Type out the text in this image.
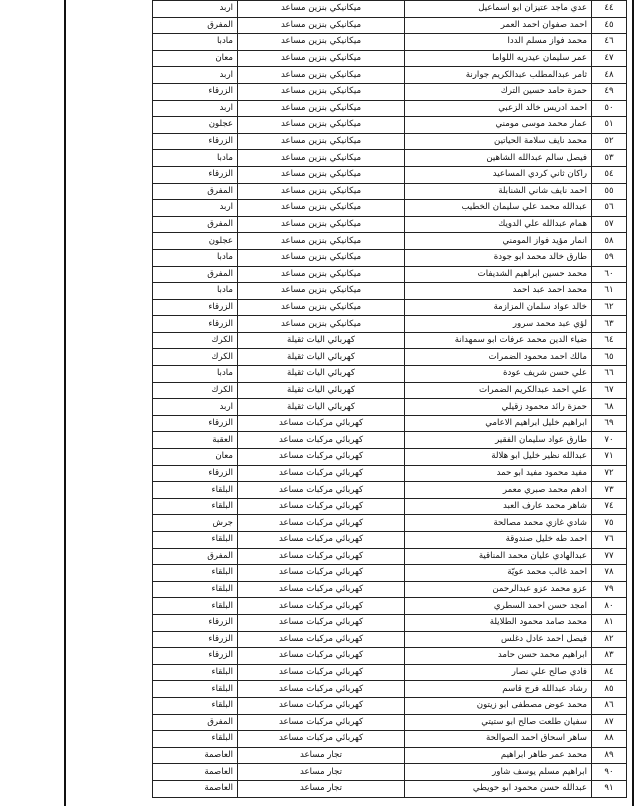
٤٤	عدي ماجد عتيزان ابو اسماعيل	ميكانيكي بنزين مساعد	اربد
٤٥	احمد صفوان احمد العمر	ميكانيكي بنزين مساعد	المفرق
٤٦	محمد فواز مسلم الددا	ميكانيكي بنزين مساعد	مادبا
٤٧	عمر سليمان عيدريه اللواما	ميكانيكي بنزين مساعد	معان
٤٨	ثامر عبدالمطلب عبدالكريم جوارنة	ميكانيكي بنزين مساعد	اربد
٤٩	حمزة حامد حسين الترك	ميكانيكي بنزين مساعد	الزرقاء
٥٠	احمد ادريس خالد الزعبي	ميكانيكي بنزين مساعد	اربد
٥١	عمار محمد موسى مومني	ميكانيكي بنزين مساعد	عجلون
٥٢	محمد نايف سلامة الحياتين	ميكانيكي بنزين مساعد	الزرقاء
٥٣	فيصل سالم عبدالله الشاهين	ميكانيكي بنزين مساعد	مادبا
٥٤	راكان ثاني كردي المساعيد	ميكانيكي بنزين مساعد	الزرقاء
٥٥	احمد نايف شاني الشنابلة	ميكانيكي بنزين مساعد	المفرق
٥٦	عبدالله محمد علي سليمان الخطيب	ميكانيكي بنزين مساعد	اربد
٥٧	همام عبدالله علي الدويك	ميكانيكي بنزين مساعد	المفرق
٥٨	انمار مؤيد فواز المومني	ميكانيكي بنزين مساعد	عجلون
٥٩	طارق خالد محمد ابو جودة	ميكانيكي بنزين مساعد	مادبا
٦٠	محمد حسين ابراهيم الشديفات	ميكانيكي بنزين مساعد	المفرق
٦١	محمد احمد عبد احمد	ميكانيكي بنزين مساعد	مادبا
٦٢	خالد عواد سلمان المزازمة	ميكانيكي بنزين مساعد	الزرقاء
٦٣	لؤي عبد محمد سرور	ميكانيكي بنزين مساعد	الزرقاء
٦٤	ضياء الدين محمد عرفات ابو سمهدانة	كهربائي اليات ثقيلة	الكرك
٦٥	مالك احمد محمود الضمرات	كهربائي اليات ثقيلة	الكرك
٦٦	علي حسن شريف عودة	كهربائي اليات ثقيلة	مادبا
٦٧	علي احمد عبدالكريم الضمرات	كهربائي اليات ثقيلة	الكرك
٦٨	حمزة رائد محمود زقيلي	كهربائي اليات ثقيلة	اربد
٦٩	ابراهيم خليل ابراهيم الاعامي	كهربائي مركبات مساعد	الزرقاء
٧٠	طارق عواد سليمان الفقير	كهربائي مركبات مساعد	العقبة
٧١	عبدالله نظير خليل ابو هلالة	كهربائي مركبات مساعد	معان
٧٢	مفيد محمود مفيد ابو حمد	كهربائي مركبات مساعد	الزرقاء
٧٣	ادهم محمد صبري معمر	كهربائي مركبات مساعد	البلقاء
٧٤	شاهر محمد عارف العبد	كهربائي مركبات مساعد	البلقاء
٧٥	شادي غازي محمد مصالحة	كهربائي مركبات مساعد	جرش
٧٦	احمد طه خليل صندوقة	كهربائي مركبات مساعد	البلقاء
٧٧	عبدالهادي عليان محمد المناقية	كهربائي مركبات مساعد	المفرق
٧٨	احمد غالب محمد عويّة	كهربائي مركبات مساعد	البلقاء
٧٩	عزو محمد عزو عبدالرحمن	كهربائي مركبات مساعد	البلقاء
٨٠	امجد حسن احمد السطري	كهربائي مركبات مساعد	البلقاء
٨١	محمد صامد محمود الطلايلة	كهربائي مركبات مساعد	الزرقاء
٨٢	فيصل احمد عادل دغلس	كهربائي مركبات مساعد	الزرقاء
٨٣	ابراهيم محمد حسن حامد	كهربائي مركبات مساعد	الزرقاء
٨٤	فادي صالح علي نصار	كهربائي مركبات مساعد	البلقاء
٨٥	رشاد عبدالله فرج قاسم	كهربائي مركبات مساعد	البلقاء
٨٦	محمد عوض مصطفى ابو زيتون	كهربائي مركبات مساعد	البلقاء
٨٧	سفيان طلعت صالح ابو ستيتي	كهربائي مركبات مساعد	المفرق
٨٨	ساهر اسحاق احمد الصوالحة	كهربائي مركبات مساعد	البلقاء
٨٩	محمد عمر طاهر ابراهيم	تجار مساعد	العاصمة
٩٠	ابراهيم مسلم يوسف شاور	تجار مساعد	العاصمة
٩١	عبدالله حسن محمود ابو حويطي	تجار مساعد	العاصمة
